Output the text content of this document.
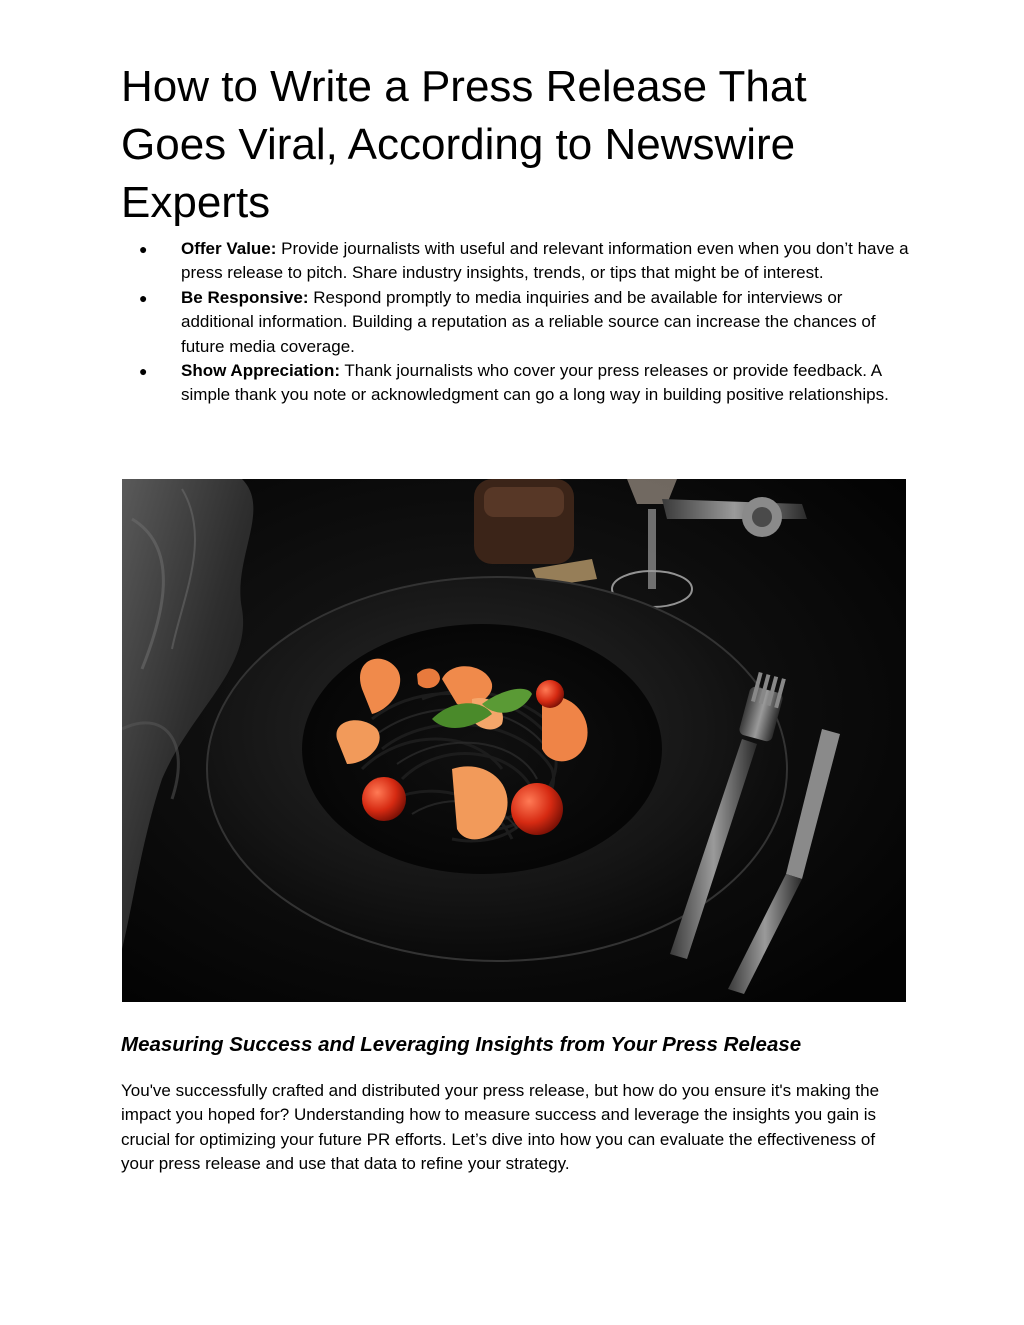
How to Write a Press Release That Goes Viral, According to Newswire Experts
● Offer Value: Provide journalists with useful and relevant information even when you don’t have a press release to pitch. Share industry insights, trends, or tips that might be of interest.
● Be Responsive: Respond promptly to media inquiries and be available for interviews or additional information. Building a reputation as a reliable source can increase the chances of future media coverage.
● Show Appreciation: Thank journalists who cover your press releases or provide feedback. A simple thank you note or acknowledgment can go a long way in building positive relationships.
Measuring Success and Leveraging Insights from Your Press Release

You've successfully crafted and distributed your press release, but how do you ensure it's making the impact you hoped for? Understanding how to measure success and leverage the insights you gain is crucial for optimizing your future PR efforts. Let’s dive into how you can evaluate the effectiveness of your press release and use that data to refine your strategy.
